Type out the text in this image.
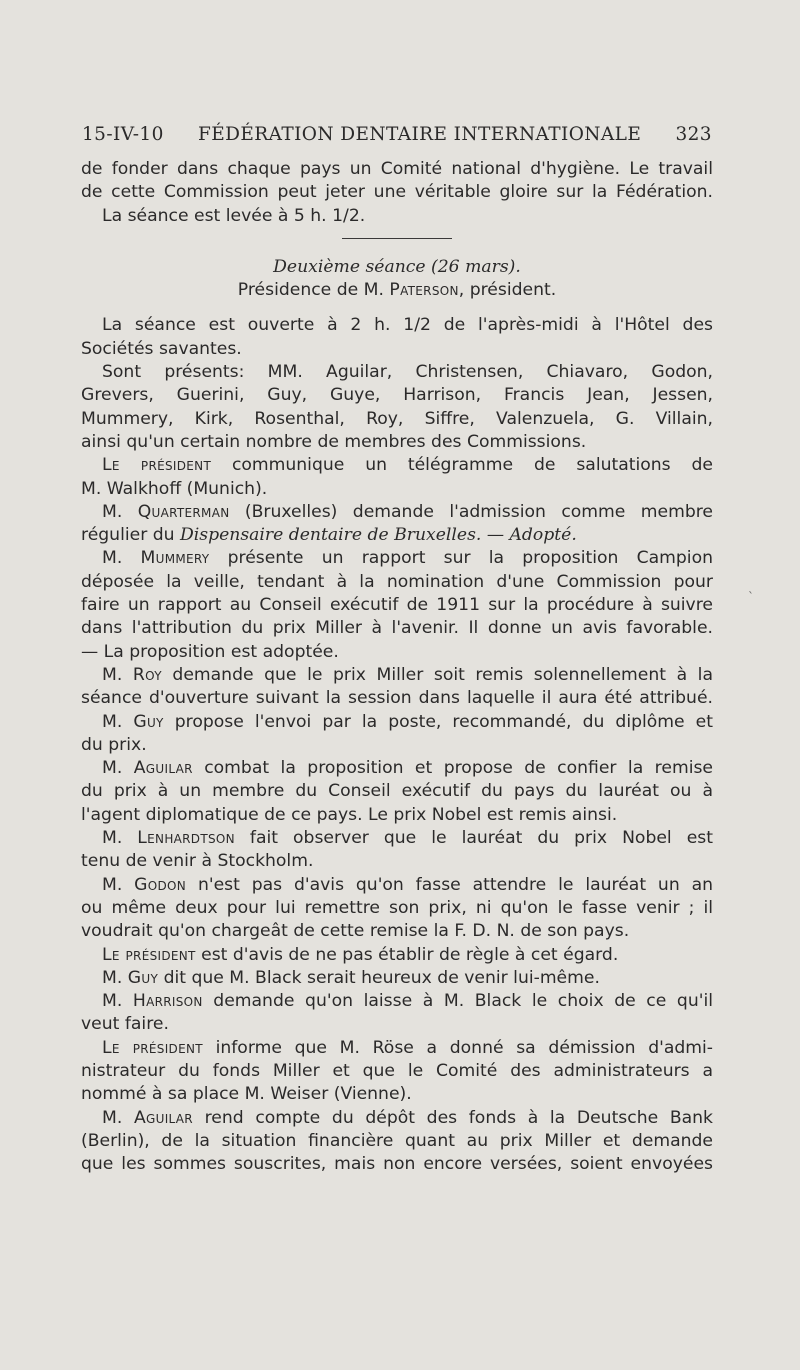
15-IV-10 FÉDÉRATION DENTAIRE INTERNATIONALE 323
de fonder dans chaque pays un Comité national d'hygiène. Le travail
de cette Commission peut jeter une véritable gloire sur la Fédération.
La séance est levée à 5 h. 1/2.
Deuxième séance (26 mars).
Présidence de M. Paterson, président.
La séance est ouverte à 2 h. 1/2 de l'après-midi à l'Hôtel des
Sociétés savantes.
Sont présents: MM. Aguilar, Christensen, Chiavaro, Godon,
Grevers, Guerini, Guy, Guye, Harrison, Francis Jean, Jessen,
Mummery, Kirk, Rosenthal, Roy, Siffre, Valenzuela, G. Villain,
ainsi qu'un certain nombre de membres des Commissions.
Le président communique un télégramme de salutations de
M. Walkhoff (Munich).
M. Quarterman (Bruxelles) demande l'admission comme membre
régulier du Dispensaire dentaire de Bruxelles. — Adopté.
M. Mummery présente un rapport sur la proposition Campion
déposée la veille, tendant à la nomination d'une Commission pour
faire un rapport au Conseil exécutif de 1911 sur la procédure à suivre
dans l'attribution du prix Miller à l'avenir. Il donne un avis favorable.
— La proposition est adoptée.
M. Roy demande que le prix Miller soit remis solennellement à la
séance d'ouverture suivant la session dans laquelle il aura été attribué.
M. Guy propose l'envoi par la poste, recommandé, du diplôme et
du prix.
M. Aguilar combat la proposition et propose de confier la remise
du prix à un membre du Conseil exécutif du pays du lauréat ou à
l'agent diplomatique de ce pays. Le prix Nobel est remis ainsi.
M. Lenhardtson fait observer que le lauréat du prix Nobel est
tenu de venir à Stockholm.
M. Godon n'est pas d'avis qu'on fasse attendre le lauréat un an
ou même deux pour lui remettre son prix, ni qu'on le fasse venir ; il
voudrait qu'on chargeât de cette remise la F. D. N. de son pays.
Le président est d'avis de ne pas établir de règle à cet égard.
M. Guy dit que M. Black serait heureux de venir lui-même.
M. Harrison demande qu'on laisse à M. Black le choix de ce qu'il
veut faire.
Le président informe que M. Röse a donné sa démission d'admi-
nistrateur du fonds Miller et que le Comité des administrateurs a
nommé à sa place M. Weiser (Vienne).
M. Aguilar rend compte du dépôt des fonds à la Deutsche Bank
(Berlin), de la situation financière quant au prix Miller et demande
que les sommes souscrites, mais non encore versées, soient envoyées
ˋ
